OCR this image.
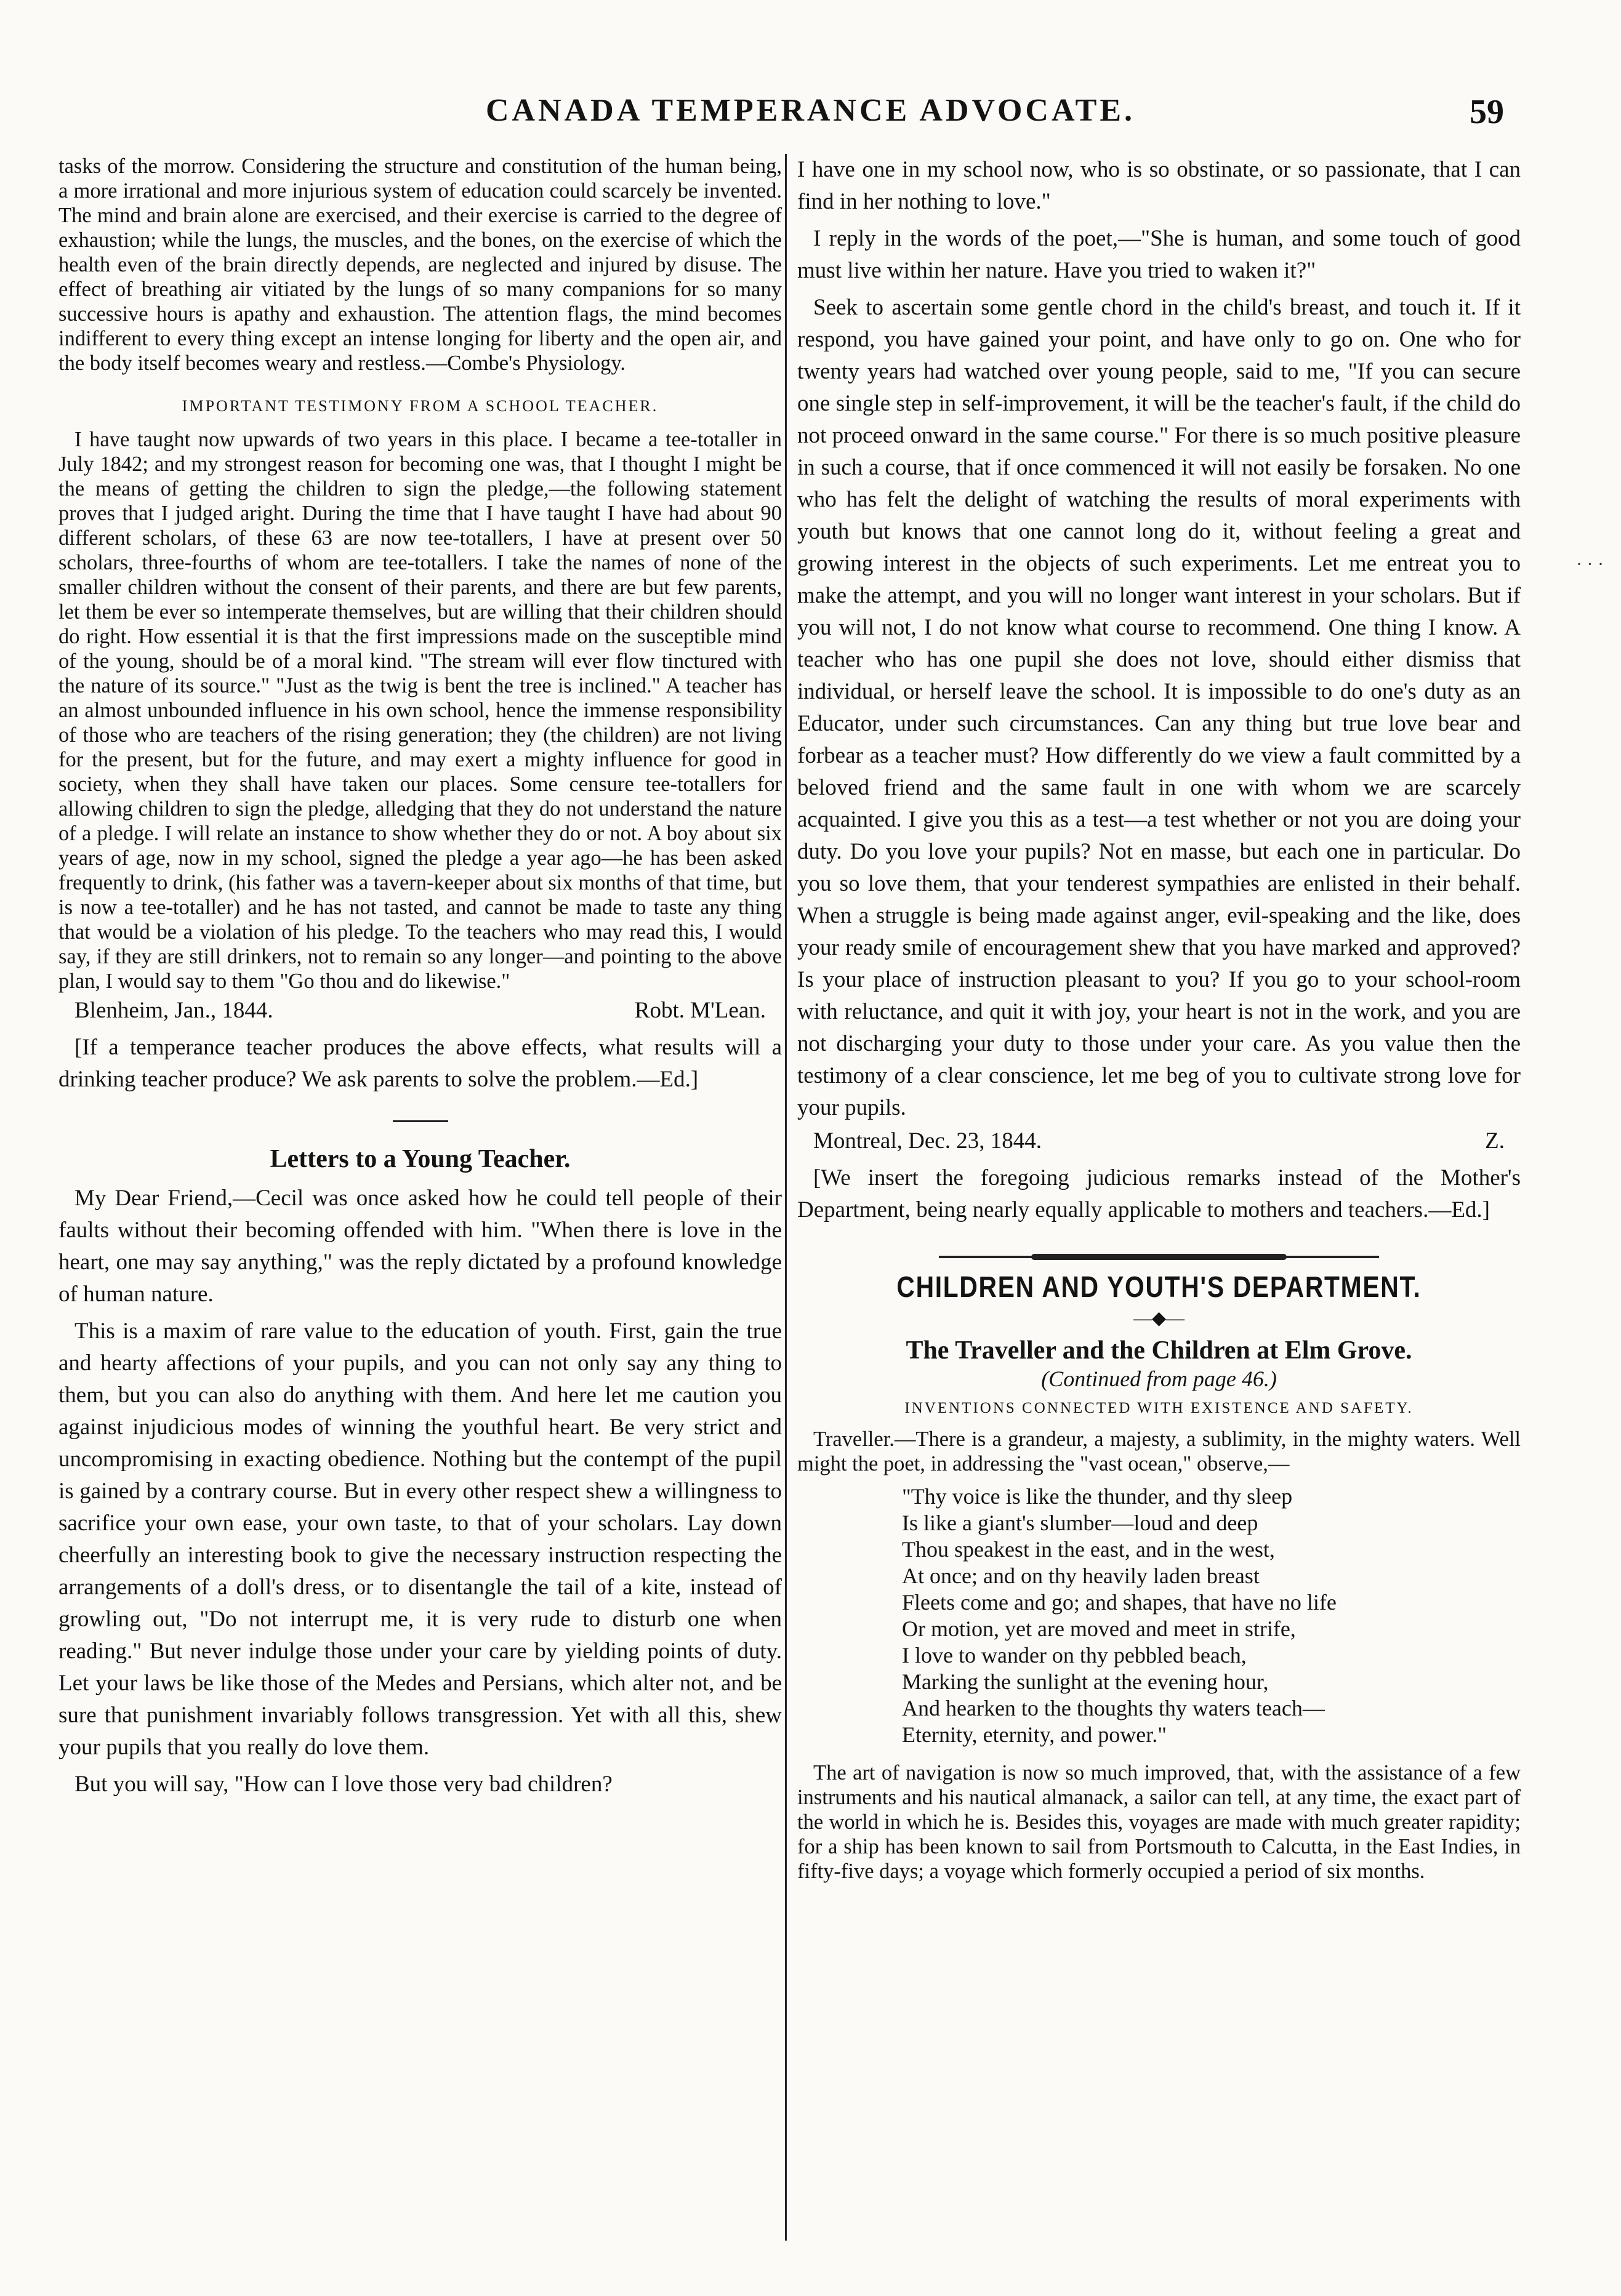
CANADA TEMPERANCE ADVOCATE.	59
· · ·

tasks of the morrow. Considering the structure and constitution of the human being, a more irrational and more injurious system of education could scarcely be invented. The mind and brain alone are exercised, and their exercise is carried to the degree of exhaustion; while the lungs, the muscles, and the bones, on the exercise of which the health even of the brain directly depends, are neglected and injured by disuse. The effect of breathing air vitiated by the lungs of so many companions for so many successive hours is apathy and exhaustion. The attention flags, the mind becomes indifferent to every thing except an intense longing for liberty and the open air, and the body itself becomes weary and restless.—Combe's Physiology.

IMPORTANT TESTIMONY FROM A SCHOOL TEACHER.

I have taught now upwards of two years in this place. I became a tee-totaller in July 1842; and my strongest reason for becoming one was, that I thought I might be the means of getting the children to sign the pledge,—the following statement proves that I judged aright. During the time that I have taught I have had about 90 different scholars, of these 63 are now tee-totallers, I have at present over 50 scholars, three-fourths of whom are tee-totallers. I take the names of none of the smaller children without the consent of their parents, and there are but few parents, let them be ever so intemperate themselves, but are willing that their children should do right. How essential it is that the first impressions made on the susceptible mind of the young, should be of a moral kind. "The stream will ever flow tinctured with the nature of its source." "Just as the twig is bent the tree is inclined." A teacher has an almost unbounded influence in his own school, hence the immense responsibility of those who are teachers of the rising generation; they (the children) are not living for the present, but for the future, and may exert a mighty influence for good in society, when they shall have taken our places. Some censure tee-totallers for allowing children to sign the pledge, alledging that they do not understand the nature of a pledge. I will relate an instance to show whether they do or not. A boy about six years of age, now in my school, signed the pledge a year ago—he has been asked frequently to drink, (his father was a tavern-keeper about six months of that time, but is now a tee-totaller) and he has not tasted, and cannot be made to taste any thing that would be a violation of his pledge. To the teachers who may read this, I would say, if they are still drinkers, not to remain so any longer—and pointing to the above plan, I would say to them "Go thou and do likewise."

Blenheim, Jan., 1844.	Robt. M'Lean.

[If a temperance teacher produces the above effects, what results will a drinking teacher produce? We ask parents to solve the problem.—Ed.]

Letters to a Young Teacher.

My Dear Friend,—Cecil was once asked how he could tell people of their faults without their becoming offended with him. "When there is love in the heart, one may say anything," was the reply dictated by a profound knowledge of human nature.

This is a maxim of rare value to the education of youth. First, gain the true and hearty affections of your pupils, and you can not only say any thing to them, but you can also do anything with them. And here let me caution you against injudicious modes of winning the youthful heart. Be very strict and uncompromising in exacting obedience. Nothing but the contempt of the pupil is gained by a contrary course. But in every other respect shew a willingness to sacrifice your own ease, your own taste, to that of your scholars. Lay down cheerfully an interesting book to give the necessary instruction respecting the arrangements of a doll's dress, or to disentangle the tail of a kite, instead of growling out, "Do not interrupt me, it is very rude to disturb one when reading." But never indulge those under your care by yielding points of duty. Let your laws be like those of the Medes and Persians, which alter not, and be sure that punishment invariably follows transgression. Yet with all this, shew your pupils that you really do love them.

But you will say, "How can I love those very bad children?

I have one in my school now, who is so obstinate, or so passionate, that I can find in her nothing to love."

I reply in the words of the poet,—"She is human, and some touch of good must live within her nature. Have you tried to waken it?"

Seek to ascertain some gentle chord in the child's breast, and touch it. If it respond, you have gained your point, and have only to go on. One who for twenty years had watched over young people, said to me, "If you can secure one single step in self-improvement, it will be the teacher's fault, if the child do not proceed onward in the same course." For there is so much positive pleasure in such a course, that if once commenced it will not easily be forsaken. No one who has felt the delight of watching the results of moral experiments with youth but knows that one cannot long do it, without feeling a great and growing interest in the objects of such experiments. Let me entreat you to make the attempt, and you will no longer want interest in your scholars. But if you will not, I do not know what course to recommend. One thing I know. A teacher who has one pupil she does not love, should either dismiss that individual, or herself leave the school. It is impossible to do one's duty as an Educator, under such circumstances. Can any thing but true love bear and forbear as a teacher must? How differently do we view a fault committed by a beloved friend and the same fault in one with whom we are scarcely acquainted. I give you this as a test—a test whether or not you are doing your duty. Do you love your pupils? Not en masse, but each one in particular. Do you so love them, that your tenderest sympathies are enlisted in their behalf. When a struggle is being made against anger, evil-speaking and the like, does your ready smile of encouragement shew that you have marked and approved? Is your place of instruction pleasant to you? If you go to your school-room with reluctance, and quit it with joy, your heart is not in the work, and you are not discharging your duty to those under your care. As you value then the testimony of a clear conscience, let me beg of you to cultivate strong love for your pupils.

Montreal, Dec. 23, 1844.	Z.

[We insert the foregoing judicious remarks instead of the Mother's Department, being nearly equally applicable to mothers and teachers.—Ed.]

CHILDREN AND YOUTH'S DEPARTMENT.
—◆—
The Traveller and the Children at Elm Grove.
(Continued from page 46.)
INVENTIONS CONNECTED WITH EXISTENCE AND SAFETY.

Traveller.—There is a grandeur, a majesty, a sublimity, in the mighty waters. Well might the poet, in addressing the "vast ocean," observe,—

"Thy voice is like the thunder, and thy sleep
Is like a giant's slumber—loud and deep
Thou speakest in the east, and in the west,
At once; and on thy heavily laden breast
Fleets come and go; and shapes, that have no life
Or motion, yet are moved and meet in strife,
I love to wander on thy pebbled beach,
Marking the sunlight at the evening hour,
And hearken to the thoughts thy waters teach—
Eternity, eternity, and power."

The art of navigation is now so much improved, that, with the assistance of a few instruments and his nautical almanack, a sailor can tell, at any time, the exact part of the world in which he is. Besides this, voyages are made with much greater rapidity; for a ship has been known to sail from Portsmouth to Calcutta, in the East Indies, in fifty-five days; a voyage which formerly occupied a period of six months.
